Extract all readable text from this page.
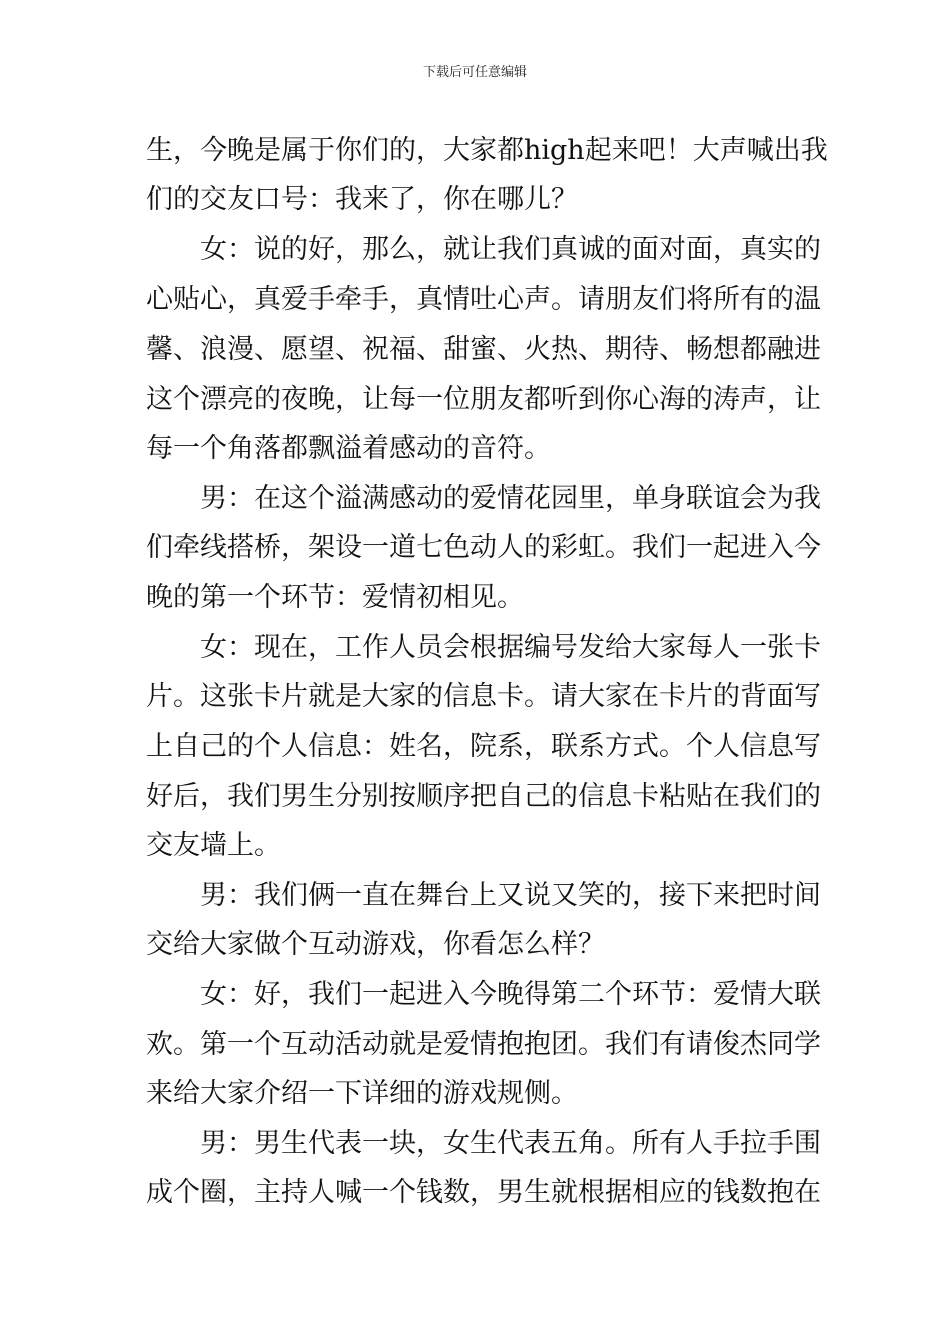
下载后可任意编辑
生，今晚是属于你们的，大家都high起来吧！大声喊出我
们的交友口号：我来了，你在哪儿？
　　女：说的好，那么，就让我们真诚的面对面，真实的
心贴心，真爱手牵手，真情吐心声。请朋友们将所有的温
馨、浪漫、愿望、祝福、甜蜜、火热、期待、畅想都融进
这个漂亮的夜晚，让每一位朋友都听到你心海的涛声，让
每一个角落都飘溢着感动的音符。
　　男：在这个溢满感动的爱情花园里，单身联谊会为我
们牵线搭桥，架设一道七色动人的彩虹。我们一起进入今
晚的第一个环节：爱情初相见。
　　女：现在，工作人员会根据编号发给大家每人一张卡
片。这张卡片就是大家的信息卡。请大家在卡片的背面写
上自己的个人信息：姓名，院系，联系方式。个人信息写
好后，我们男生分别按顺序把自己的信息卡粘贴在我们的
交友墙上。
　　男：我们俩一直在舞台上又说又笑的，接下来把时间
交给大家做个互动游戏，你看怎么样？
　　女：好，我们一起进入今晚得第二个环节：爱情大联
欢。第一个互动活动就是爱情抱抱团。我们有请俊杰同学
来给大家介绍一下详细的游戏规侧。
　　男：男生代表一块，女生代表五角。所有人手拉手围
成个圈，主持人喊一个钱数，男生就根据相应的钱数抱在
